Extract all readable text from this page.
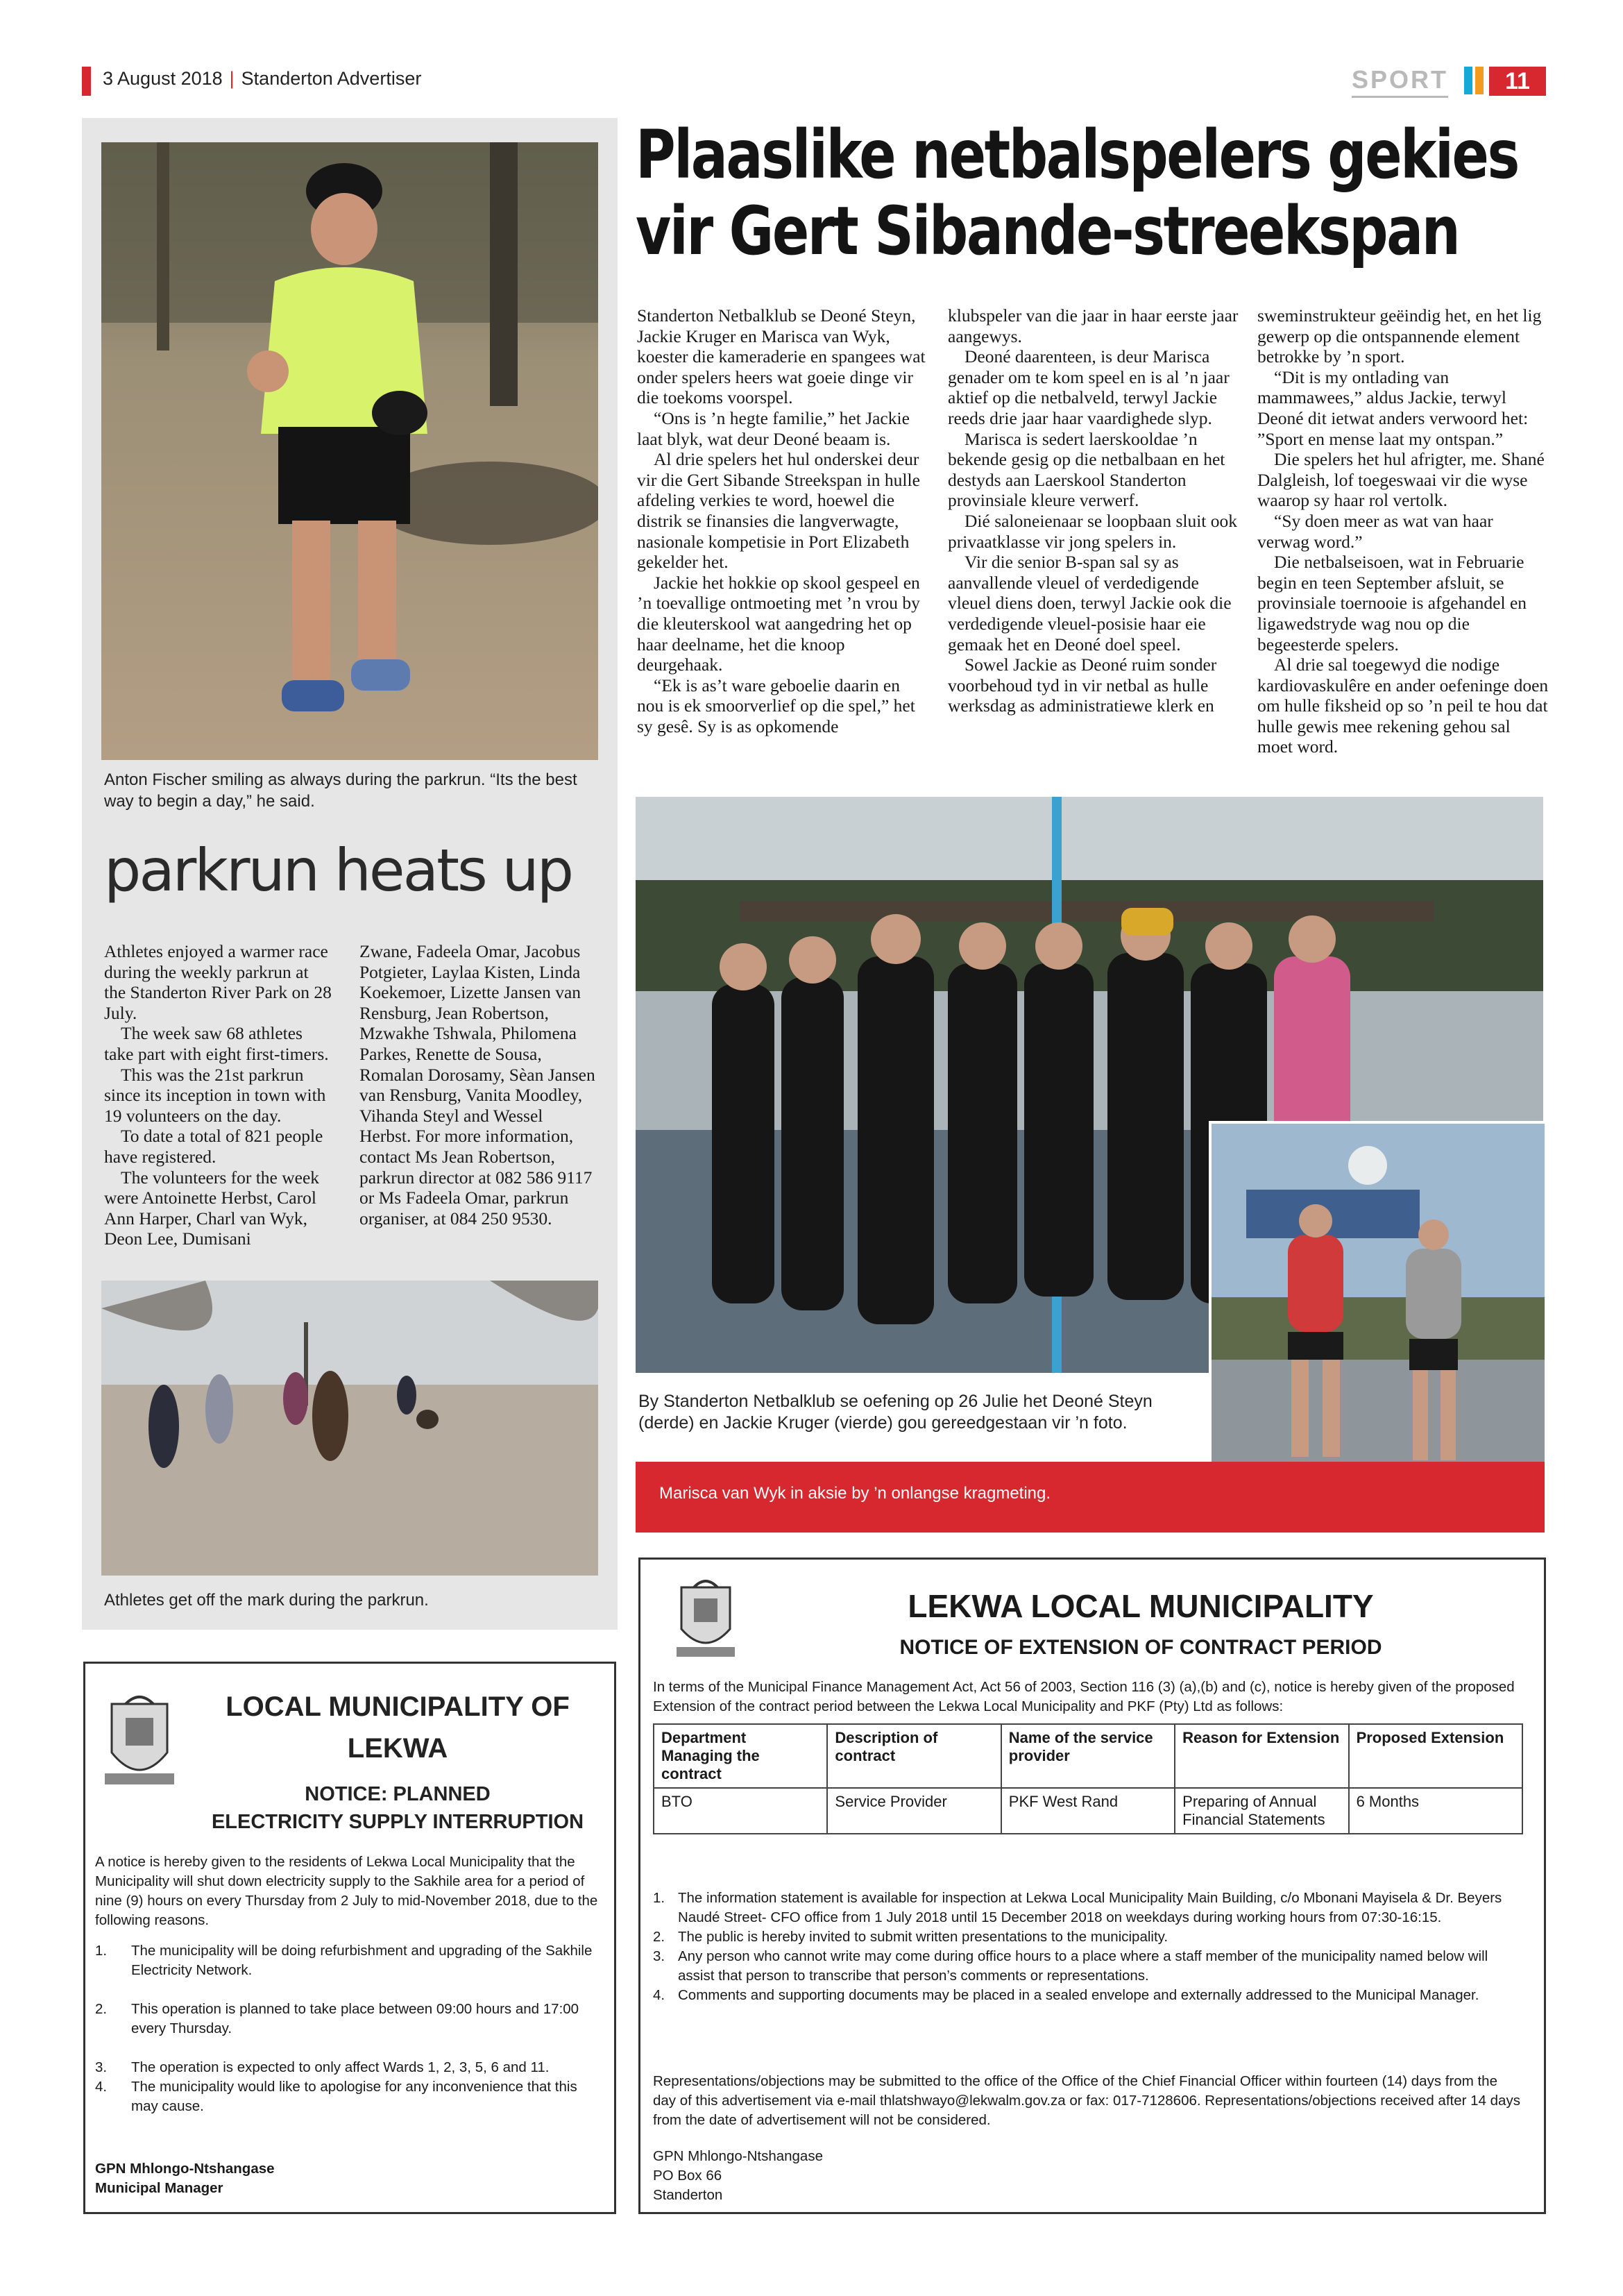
3 August 2018 | Standerton Advertiser	SPORT	11
Anton Fischer smiling as always during the parkrun. “Its the best way to begin a day,” he said.
parkrun heats up

Athletes enjoyed a warmer race during the weekly parkrun at the Standerton River Park on 28 July.

The week saw 68 athletes take part with eight first-timers.

This was the 21st parkrun since its inception in town with 19 volunteers on the day.

To date a total of 821 people have registered.

The volunteers for the week were Antoinette Herbst, Carol Ann Harper, Charl van Wyk, Deon Lee, Dumisani

Zwane, Fadeela Omar, Jacobus Potgieter, Laylaa Kisten, Linda Koekemoer, Lizette Jansen van Rensburg, Jean Robertson, Mzwakhe Tshwala, Philomena Parkes, Renette de Sousa, Romalan Dorosamy, Sèan Jansen van Rensburg, Vanita Moodley, Vihanda Steyl and Wessel Herbst. For more information, contact Ms Jean Robertson, parkrun director at 082 586 9117 or Ms Fadeela Omar, parkrun organiser, at 084 250 9530.

Athletes get off the mark during the parkrun.
Plaaslike netbalspelers gekies
vir Gert Sibande-streekspan

Standerton Netbalklub se Deoné Steyn, Jackie Kruger en Marisca van Wyk, koester die kameraderie en spangees wat onder spelers heers wat goeie dinge vir die toekoms voorspel.

“Ons is ’n hegte familie,” het Jackie laat blyk, wat deur Deoné beaam is.

Al drie spelers het hul onderskei deur vir die Gert Sibande Streekspan in hulle afdeling verkies te word, hoewel die distrik se finansies die langverwagte, nasionale kompetisie in Port Elizabeth gekelder het.

Jackie het hokkie op skool gespeel en ’n toevallige ontmoeting met ’n vrou by die kleuterskool wat aangedring het op haar deelname, het die knoop deurgehaak.

“Ek is as’t ware geboelie daarin en nou is ek smoorverlief op die spel,” het sy gesê. Sy is as opkomende

klubspeler van die jaar in haar eerste jaar aangewys.

Deoné daarenteen, is deur Marisca genader om te kom speel en is al ’n jaar aktief op die netbalveld, terwyl Jackie reeds drie jaar haar vaardighede slyp.

Marisca is sedert laerskooldae ’n bekende gesig op die netbalbaan en het destyds aan Laerskool Standerton provinsiale kleure verwerf.

Dié saloneienaar se loopbaan sluit ook privaatklasse vir jong spelers in.

Vir die senior B-span sal sy as aanvallende vleuel of verdedigende vleuel diens doen, terwyl Jackie ook die verdedigende vleuel-posisie haar eie gemaak het en Deoné doel speel.

Sowel Jackie as Deoné ruim sonder voorbehoud tyd in vir netbal as hulle werksdag as administratiewe klerk en

sweminstrukteur geëindig het, en het lig gewerp op die ontspannende element betrokke by ’n sport.

“Dit is my ontlading van mammawees,” aldus Jackie, terwyl Deoné dit ietwat anders verwoord het: ”Sport en mense laat my ontspan.”

Die spelers het hul afrigter, me. Shané Dalgleish, lof toegeswaai vir die wyse waarop sy haar rol vertolk.

“Sy doen meer as wat van haar verwag word.”

Die netbalseisoen, wat in Februarie begin en teen September afsluit, se provinsiale toernooie is afgehandel en ligawedstryde wag nou op die begeesterde spelers.

Al drie sal toegewyd die nodige kardiovaskulêre en ander oefeninge doen om hulle fiksheid op so ’n peil te hou dat hulle gewis mee rekening gehou sal moet word.

By Standerton Netbalklub se oefening op 26 Julie het Deoné Steyn (derde) en Jackie Kruger (vierde) gou gereedgestaan vir ’n foto.
Marisca van Wyk in aksie by ’n onlangse kragmeting.
LOCAL MUNICIPALITY OF
LEKWA
NOTICE: PLANNED
ELECTRICITY SUPPLY INTERRUPTION
A notice is hereby given to the residents of Lekwa Local Municipality that the Municipality will shut down electricity supply to the Sakhile area for a period of nine (9) hours on every Thursday from 2 July to mid-November 2018, due to the following reasons.
1.	The municipality will be doing refurbishment and upgrading of the Sakhile Electricity Network.
2.	This operation is planned to take place between 09:00 hours and 17:00 every Thursday.
3.	The operation is expected to only affect Wards 1, 2, 3, 5, 6 and 11.
4.	The municipality would like to apologise for any inconvenience that this may cause.
GPN Mhlongo-Ntshangase
Municipal Manager
LEKWA LOCAL MUNICIPALITY
NOTICE OF EXTENSION OF CONTRACT PERIOD
In terms of the Municipal Finance Management Act, Act 56 of 2003, Section 116 (3) (a),(b) and (c), notice is hereby given of the proposed Extension of the contract period between the Lekwa Local Municipality and PKF (Pty) Ltd as follows:
Department Managing the contract	Description of contract	Name of the service provider	Reason for Extension	Proposed Extension
BTO	Service Provider	PKF West Rand	Preparing of Annual Financial Statements	6 Months
1. The information statement is available for inspection at Lekwa Local Municipality Main Building, c/o Mbonani Mayisela & Dr. Beyers Naudé Street- CFO office from 1 July 2018 until 15 December 2018 on weekdays during working hours from 07:30-16:15.
2. The public is hereby invited to submit written presentations to the municipality.
3. Any person who cannot write may come during office hours to a place where a staff member of the municipality named below will assist that person to transcribe that person’s comments or representations.
4. Comments and supporting documents may be placed in a sealed envelope and externally addressed to the Municipal Manager.
Representations/objections may be submitted to the office of the Office of the Chief Financial Officer within fourteen (14) days from the day of this advertisement via e-mail thlatshwayo@lekwalm.gov.za or fax: 017-7128606. Representations/objections received after 14 days from the date of advertisement will not be considered.
GPN Mhlongo-Ntshangase
PO Box 66
Standerton
